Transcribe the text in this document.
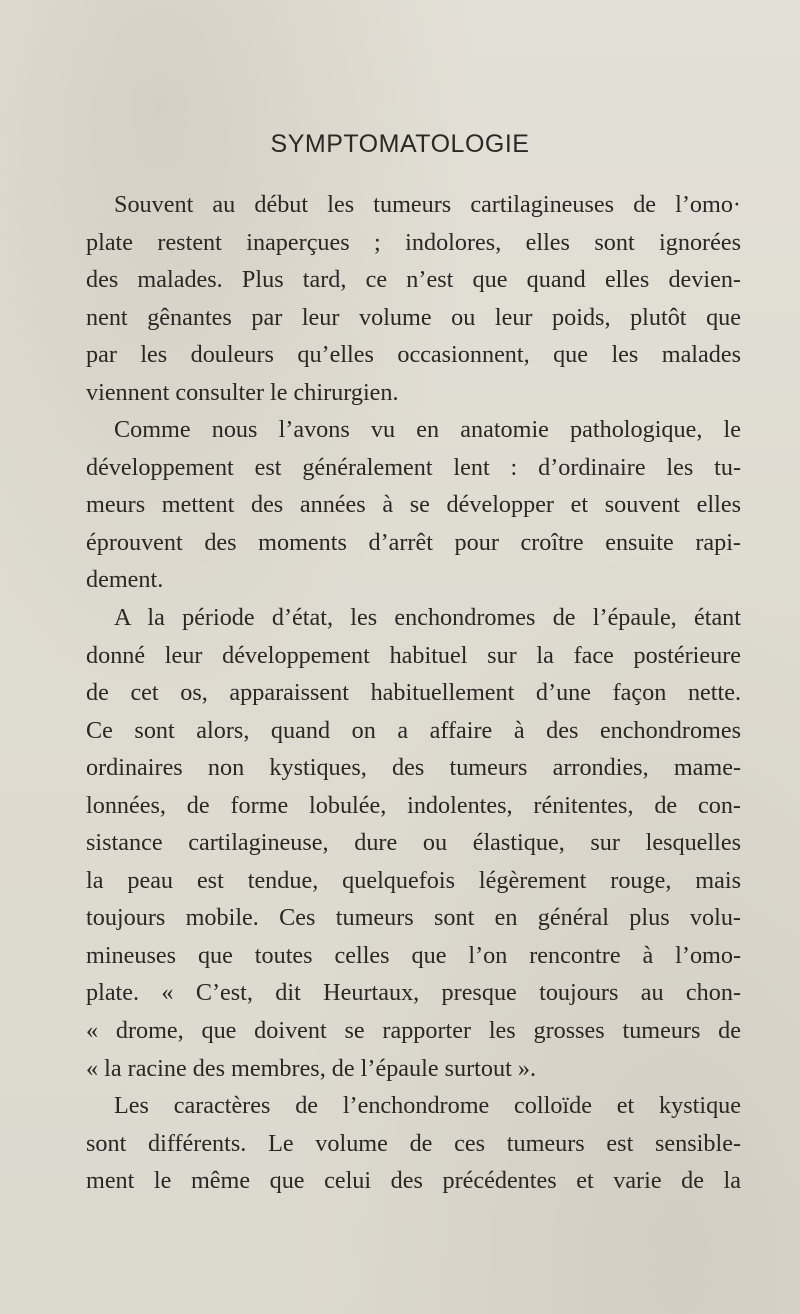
SYMPTOMATOLOGIE
Souvent au début les tumeurs cartilagineuses de l’omo·
plate restent inaperçues ; indolores, elles sont ignorées
des malades. Plus tard, ce n’est que quand elles devien-
nent gênantes par leur volume ou leur poids, plutôt que
par les douleurs qu’elles occasionnent, que les malades
viennent consulter le chirurgien.
Comme nous l’avons vu en anatomie pathologique, le
développement est généralement lent : d’ordinaire les tu-
meurs mettent des années à se développer et souvent elles
éprouvent des moments d’arrêt pour croître ensuite rapi-
dement.
A la période d’état, les enchondromes de l’épaule, étant
donné leur développement habituel sur la face postérieure
de cet os, apparaissent habituellement d’une façon nette.
Ce sont alors, quand on a affaire à des enchondromes
ordinaires non kystiques, des tumeurs arrondies, mame-
lonnées, de forme lobulée, indolentes, rénitentes, de con-
sistance cartilagineuse, dure ou élastique, sur lesquelles
la peau est tendue, quelquefois légèrement rouge, mais
toujours mobile. Ces tumeurs sont en général plus volu-
mineuses que toutes celles que l’on rencontre à l’omo-
plate. « C’est, dit Heurtaux, presque toujours au chon-
« drome, que doivent se rapporter les grosses tumeurs de
« la racine des membres, de l’épaule surtout ».
Les caractères de l’enchondrome colloïde et kystique
sont différents. Le volume de ces tumeurs est sensible-
ment le même que celui des précédentes et varie de la
